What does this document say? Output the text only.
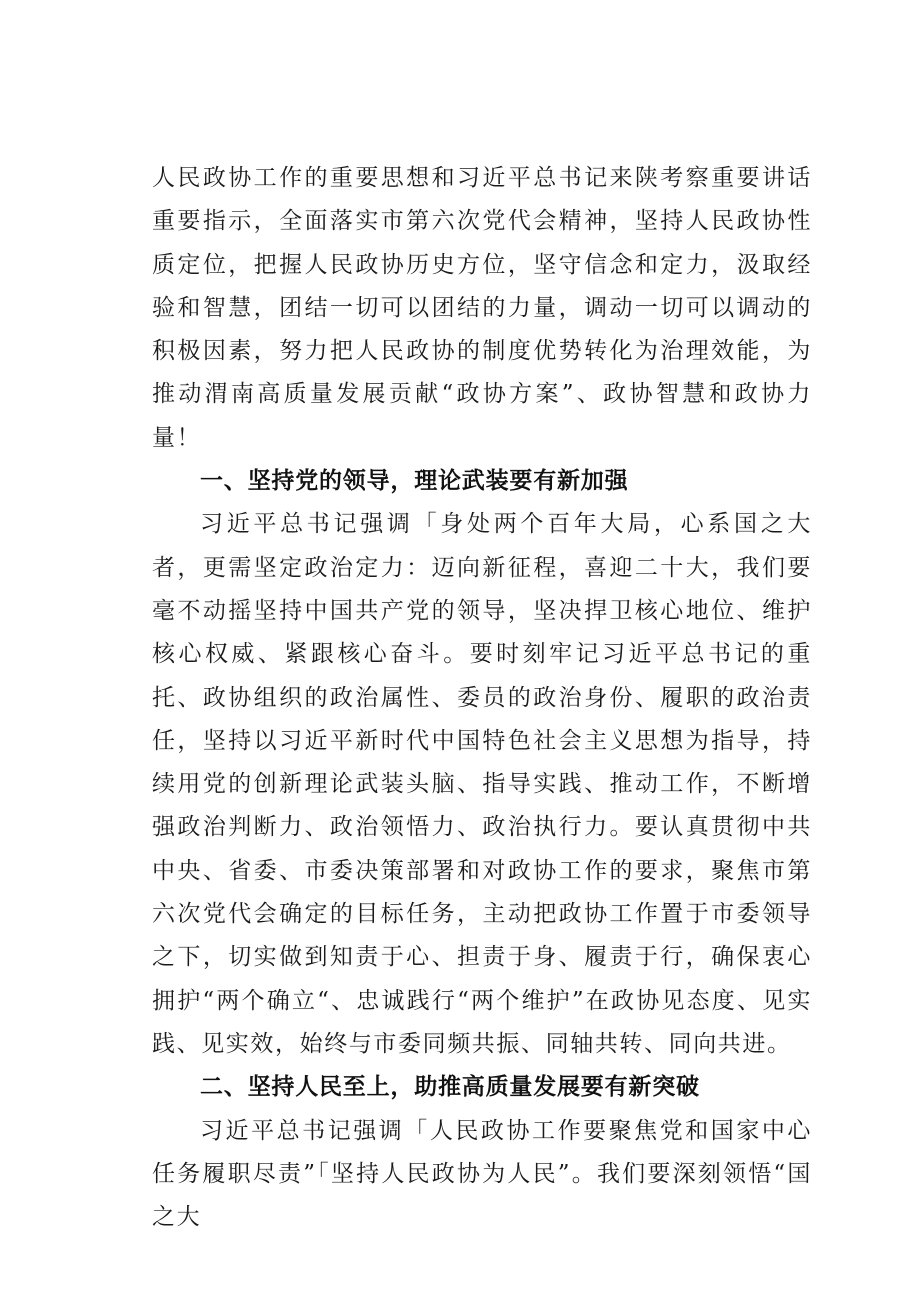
人民政协工作的重要思想和习近平总书记来陕考察重要讲话重要指示，全面落实市第六次党代会精神，坚持人民政协性质定位，把握人民政协历史方位，坚守信念和定力，汲取经验和智慧，团结一切可以团结的力量，调动一切可以调动的积极因素，努力把人民政协的制度优势转化为治理效能，为推动渭南高质量发展贡献“政协方案”、政协智慧和政协力量！

一、坚持党的领导，理论武装要有新加强

习近平总书记强调「身处两个百年大局，心系国之大者，更需坚定政治定力：迈向新征程，喜迎二十大，我们要毫不动摇坚持中国共产党的领导，坚决捍卫核心地位、维护核心权威、紧跟核心奋斗。要时刻牢记习近平总书记的重托、政协组织的政治属性、委员的政治身份、履职的政治责任，坚持以习近平新时代中国特色社会主义思想为指导，持续用党的创新理论武装头脑、指导实践、推动工作，不断增强政治判断力、政治领悟力、政治执行力。要认真贯彻中共中央、省委、市委决策部署和对政协工作的要求，聚焦市第六次党代会确定的目标任务，主动把政协工作置于市委领导之下，切实做到知责于心、担责于身、履责于行，确保衷心拥护“两个确立“、忠诚践行“两个维护”在政协见态度、见实践、见实效，始终与市委同频共振、同轴共转、同向共进。

二、坚持人民至上，助推高质量发展要有新突破

习近平总书记强调「人民政协工作要聚焦党和国家中心任务履职尽责”「坚持人民政协为人民”。我们要深刻领悟“国之大
